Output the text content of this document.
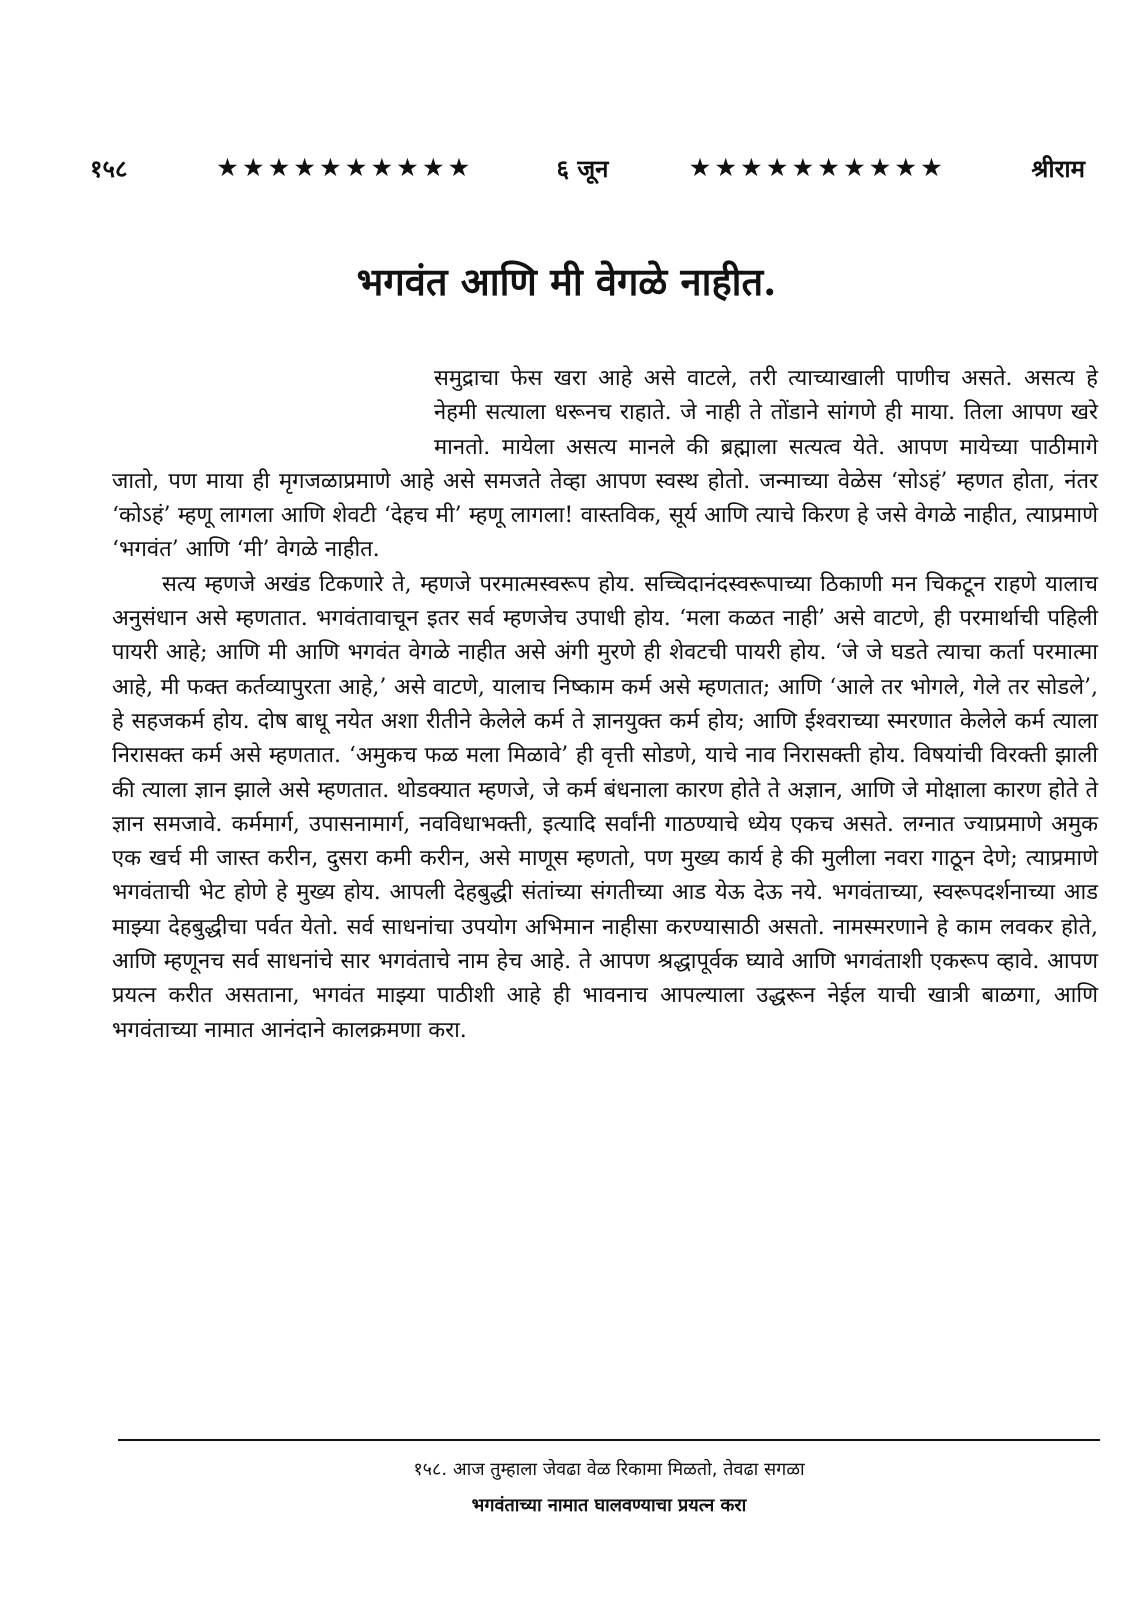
१५८	★★★★★★★★★★	६ जून	★★★★★★★★★★	श्रीराम
भगवंत आणि मी वेगळे नाहीत.

समुद्राचा फेस खरा आहे असे वाटले, तरी त्याच्याखाली पाणीच असते. असत्य हे नेहमी सत्याला धरूनच राहाते. जे नाही ते तोंडाने सांगणे ही माया. तिला आपण खरे मानतो. मायेला असत्य मानले की ब्रह्माला सत्यत्व येते. आपण मायेच्या पाठीमागे जातो, पण माया ही मृगजळाप्रमाणे आहे असे समजते तेव्हा आपण स्वस्थ होतो. जन्माच्या वेळेस ‘सोऽहं’ म्हणत होता, नंतर ‘कोऽहं’ म्हणू लागला आणि शेवटी ‘देहच मी’ म्हणू लागला! वास्तविक, सूर्य आणि त्याचे किरण हे जसे वेगळे नाहीत, त्याप्रमाणे ‘भगवंत’ आणि ‘मी’ वेगळे नाहीत.

सत्य म्हणजे अखंड टिकणारे ते, म्हणजे परमात्मस्वरूप होय. सच्चिदानंदस्वरूपाच्या ठिकाणी मन चिकटून राहणे यालाच अनुसंधान असे म्हणतात. भगवंतावाचून इतर सर्व म्हणजेच उपाधी होय. ‘मला कळत नाही’ असे वाटणे, ही परमार्थाची पहिली पायरी आहे; आणि मी आणि भगवंत वेगळे नाहीत असे अंगी मुरणे ही शेवटची पायरी होय. ‘जे जे घडते त्याचा कर्ता परमात्मा आहे, मी फक्त कर्तव्यापुरता आहे,’ असे वाटणे, यालाच निष्काम कर्म असे म्हणतात; आणि ‘आले तर भोगले, गेले तर सोडले’, हे सहजकर्म होय. दोष बाधू नयेत अशा रीतीने केलेले कर्म ते ज्ञानयुक्त कर्म होय; आणि ईश्वराच्या स्मरणात केलेले कर्म त्याला निरासक्त कर्म असे म्हणतात. ‘अमुकच फळ मला मिळावे’ ही वृत्ती सोडणे, याचे नाव निरासक्ती होय. विषयांची विरक्ती झाली की त्याला ज्ञान झाले असे म्हणतात. थोडक्यात म्हणजे, जे कर्म बंधनाला कारण होते ते अज्ञान, आणि जे मोक्षाला कारण होते ते ज्ञान समजावे. कर्ममार्ग, उपासनामार्ग, नवविधाभक्ती, इत्यादि सर्वांनी गाठण्याचे ध्येय एकच असते. लग्नात ज्याप्रमाणे अमुक एक खर्च मी जास्त करीन, दुसरा कमी करीन, असे माणूस म्हणतो, पण मुख्य कार्य हे की मुलीला नवरा गाठून देणे; त्याप्रमाणे भगवंताची भेट होणे हे मुख्य होय. आपली देहबुद्धी संतांच्या संगतीच्या आड येऊ देऊ नये. भगवंताच्या, स्वरूपदर्शनाच्या आड माझ्या देहबुद्धीचा पर्वत येतो. सर्व साधनांचा उपयोग अभिमान नाहीसा करण्यासाठी असतो. नामस्मरणाने हे काम लवकर होते, आणि म्हणूनच सर्व साधनांचे सार भगवंताचे नाम हेच आहे. ते आपण श्रद्धापूर्वक घ्यावे आणि भगवंताशी एकरूप व्हावे. आपण प्रयत्न करीत असताना, भगवंत माझ्या पाठीशी आहे ही भावनाच आपल्याला उद्धरून नेईल याची खात्री बाळगा, आणि भगवंताच्या नामात आनंदाने कालक्रमणा करा.

१५८. आज तुम्हाला जेवढा वेळ रिकामा मिळतो, तेवढा सगळा
भगवंताच्या नामात घालवण्याचा प्रयत्न करा
